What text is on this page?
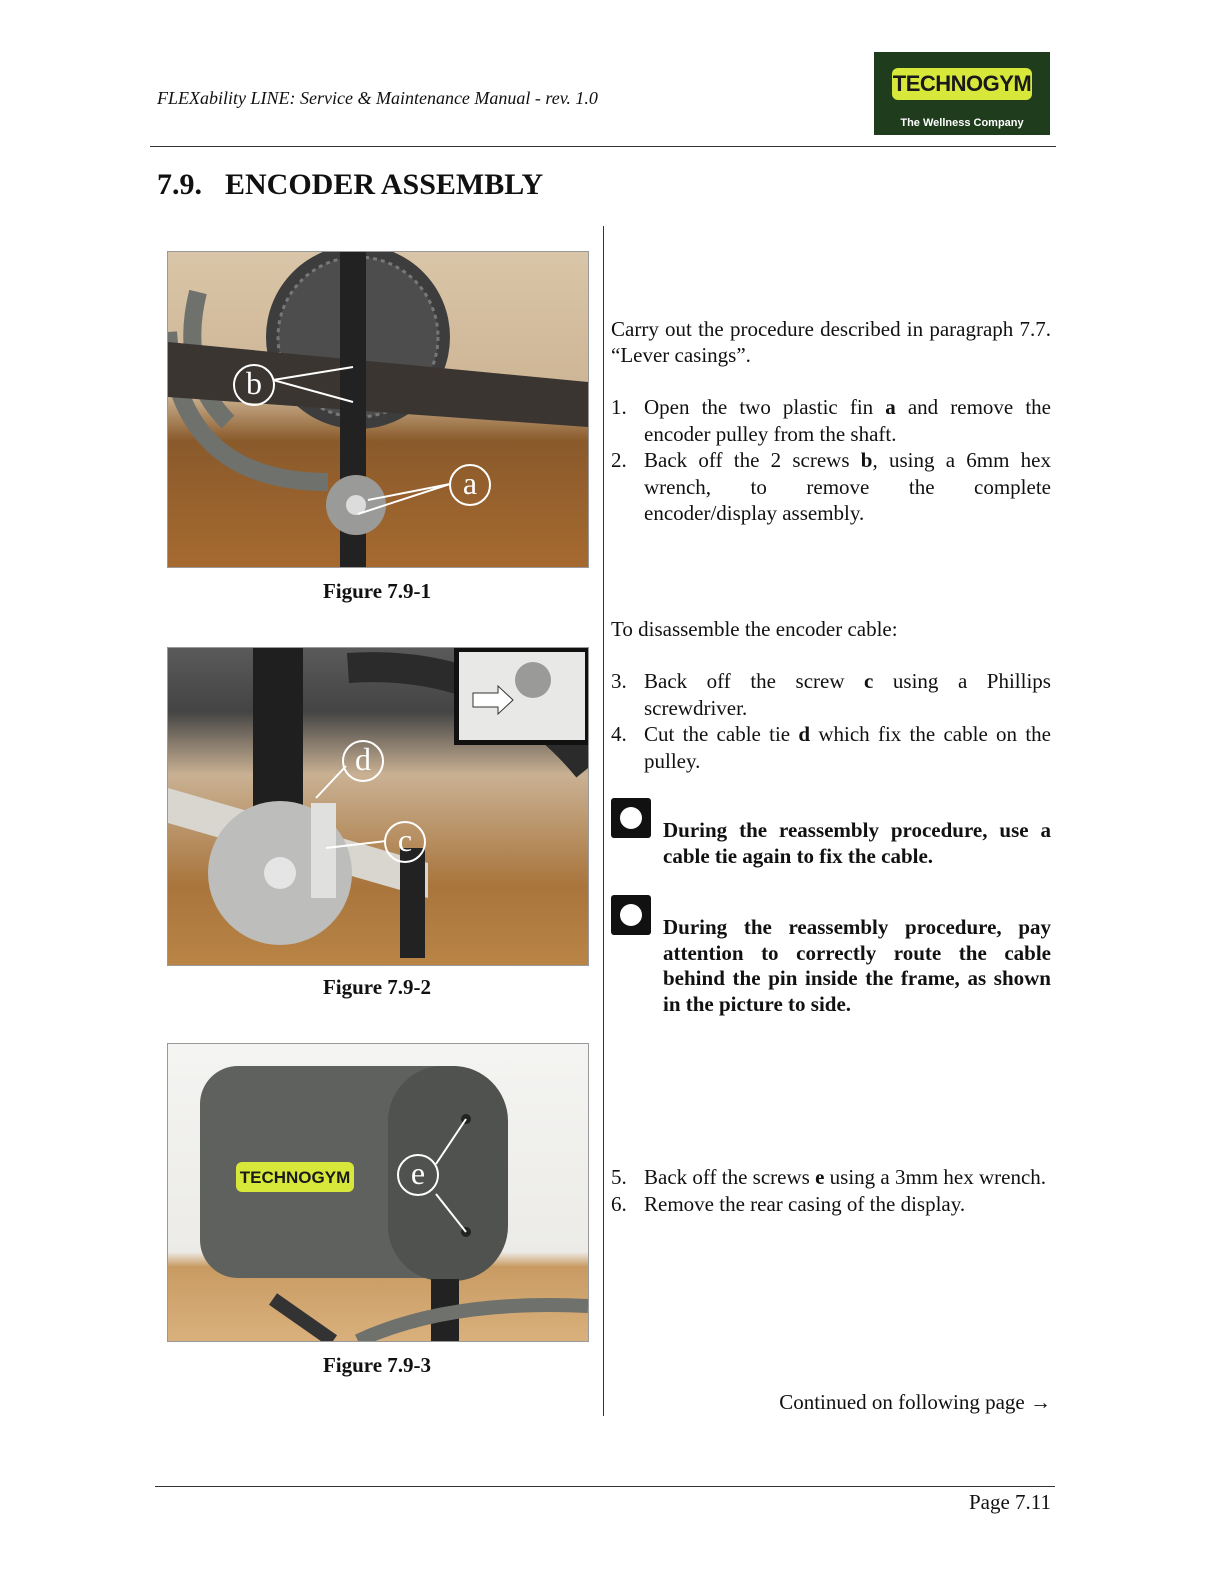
FLEXability LINE: Service & Maintenance Manual - rev. 1.0
TECHNOGYM
The Wellness Company
7.9. ENCODER ASSEMBLY
b
a
Figure 7.9-1
d
c
Figure 7.9-2
TECHNOGYM	e
Figure 7.9-3
Carry out the procedure described in paragraph 7.7. “Lever casings”.
1. Open the two plastic fin a and remove the encoder pulley from the shaft.
2. Back off the 2 screws b, using a 6mm hex wrench, to remove the complete encoder/display assembly.
To disassemble the encoder cable:
3. Back off the screw c using a Phillips screwdriver.
4. Cut the cable tie d which fix the cable on the pulley.
During the reassembly procedure, use a cable tie again to fix the cable.
During the reassembly procedure, pay attention to correctly route the cable behind the pin inside the frame, as shown in the picture to side.
5. Back off the screws e using a 3mm hex wrench.
6. Remove the rear casing of the display.
Continued on following page →
Page 7.11
